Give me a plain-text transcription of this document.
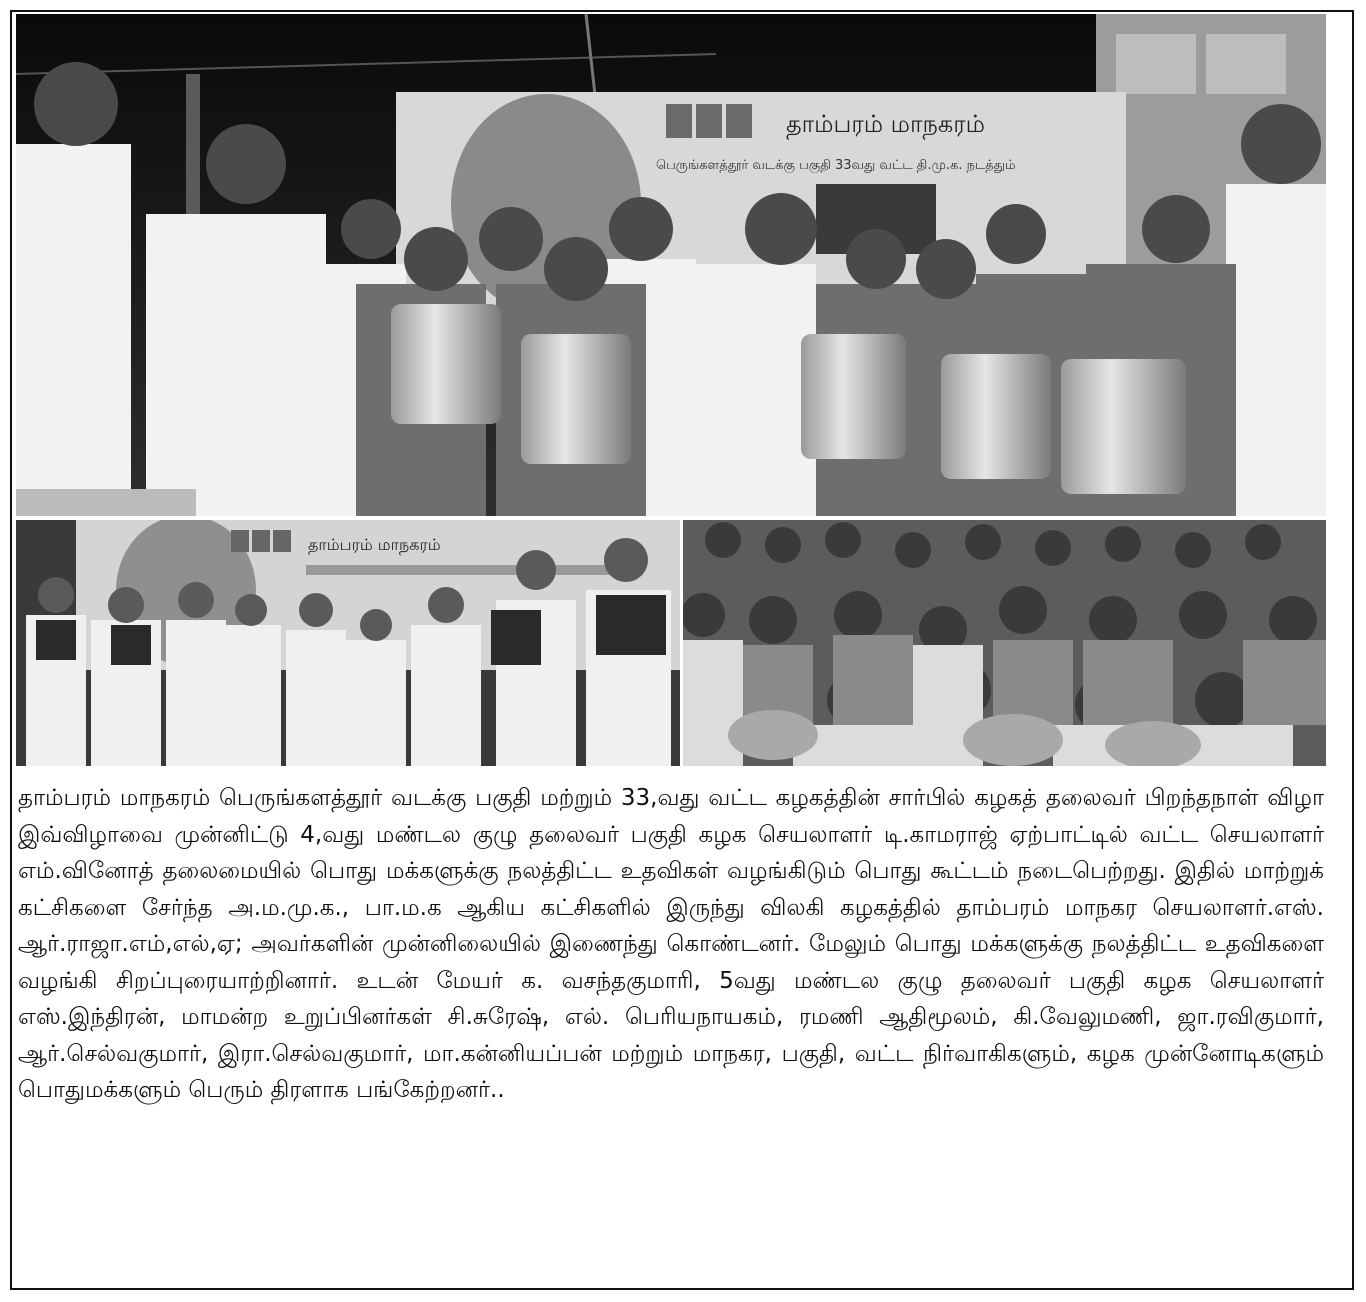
தாம்பரம் மாநகரம்
பெருங்களத்தூர் வடக்கு பகுதி 33வது வட்ட தி.மு.க. நடத்தும்
தாம்பரம் மாநகரம்

தாம்பரம் மாநகரம் பெருங்களத்தூர் வடக்கு பகுதி மற்றும் 33,வது வட்ட கழகத்தின் சார்பில் கழகத் தலைவர் பிறந்தநாள் விழா இவ்விழாவை முன்னிட்டு 4,வது மண்டல குழு தலைவர் பகுதி கழக செயலாளர் டி.காமராஜ் ஏற்பாட்டில் வட்ட செயலாளர் எம்.வினோத் தலைமையில் பொது மக்களுக்கு நலத்திட்ட உதவிகள் வழங்கிடும் பொது கூட்டம் நடைபெற்றது. இதில் மாற்றுக் கட்சிகளை சேர்ந்த அ.ம.மு.க., பா.ம.க ஆகிய கட்சிகளில் இருந்து விலகி கழகத்தில் தாம்பரம் மாநகர செயலாளர்.எஸ். ஆர்.ராஜா.எம்,எல்,ஏ; அவர்களின் முன்னிலையில் இணைந்து கொண்டனர். மேலும் பொது மக்களுக்கு நலத்திட்ட உதவிகளை வழங்கி சிறப்புரையாற்றினார். உடன் மேயர் க. வசந்தகுமாரி, 5வது மண்டல குழு தலைவர் பகுதி கழக செயலாளர் எஸ்.இந்திரன், மாமன்ற உறுப்பினர்கள் சி.சுரேஷ், எல். பெரியநாயகம், ரமணி ஆதிமூலம், கி.வேலுமணி, ஜா.ரவிகுமார், ஆர்.செல்வகுமார், இரா.செல்வகுமார், மா.கன்னியப்பன் மற்றும் மாநகர, பகுதி, வட்ட நிர்வாகிகளும், கழக முன்னோடிகளும் பொதுமக்களும் பெரும் திரளாக பங்கேற்றனர்..
